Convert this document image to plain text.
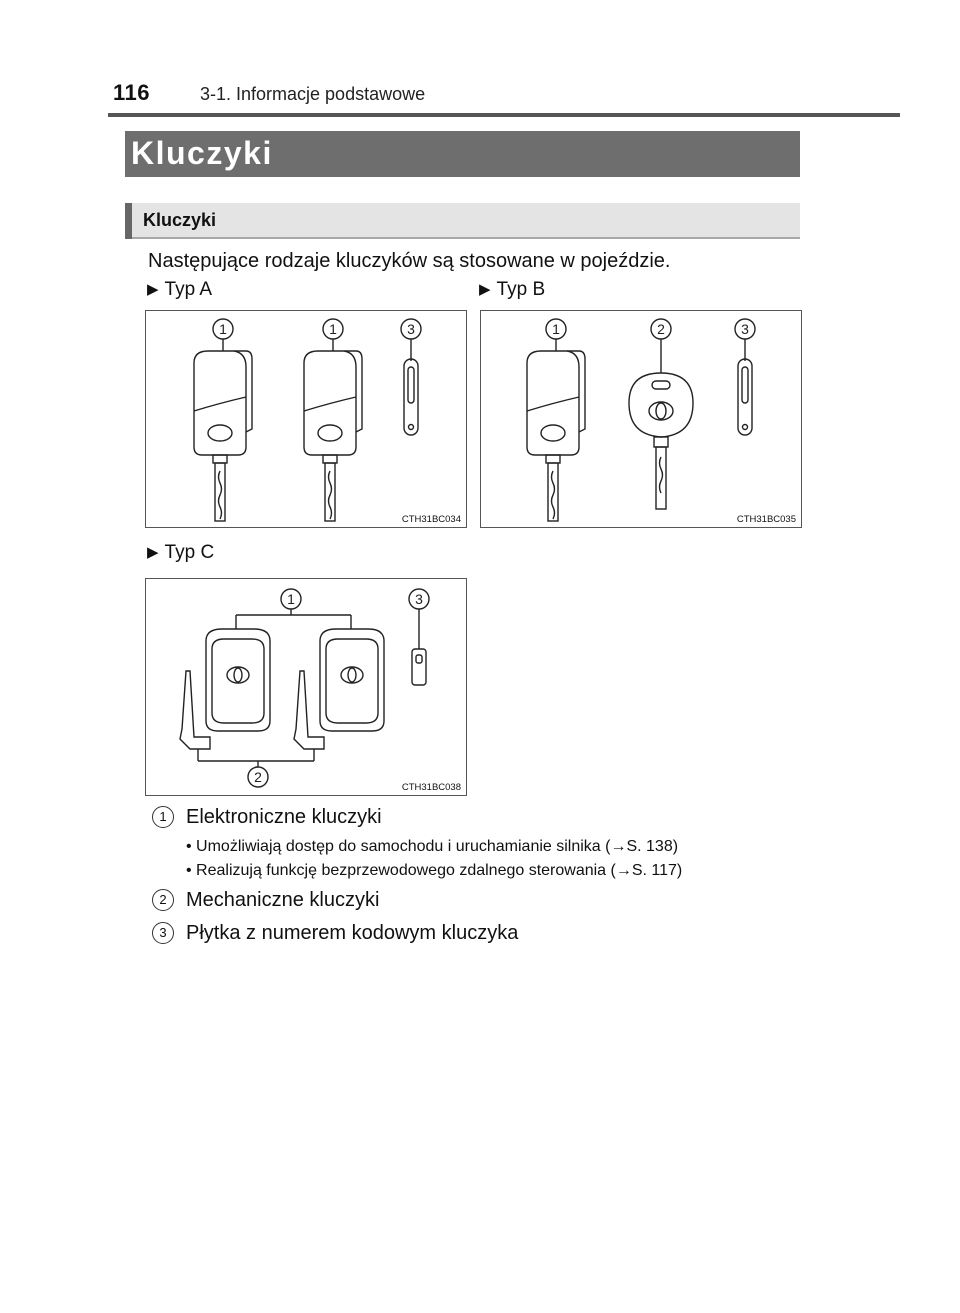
116	3-1. Informacje podstawowe
Kluczyki
Kluczyki
Następujące rodzaje kluczyków są stosowane w pojeździe.
▶ Typ A	▶ Typ B
▶ Typ C
1	1	3
CTH31BC034
1	2	3
CTH31BC035
1	3
2
CTH31BC038
1 Elektroniczne kluczyki
• Umożliwiają dostęp do samochodu i uruchamianie silnika (→S. 138)
• Realizują funkcję bezprzewodowego zdalnego sterowania (→S. 117)
2 Mechaniczne kluczyki
3 Płytka z numerem kodowym kluczyka
